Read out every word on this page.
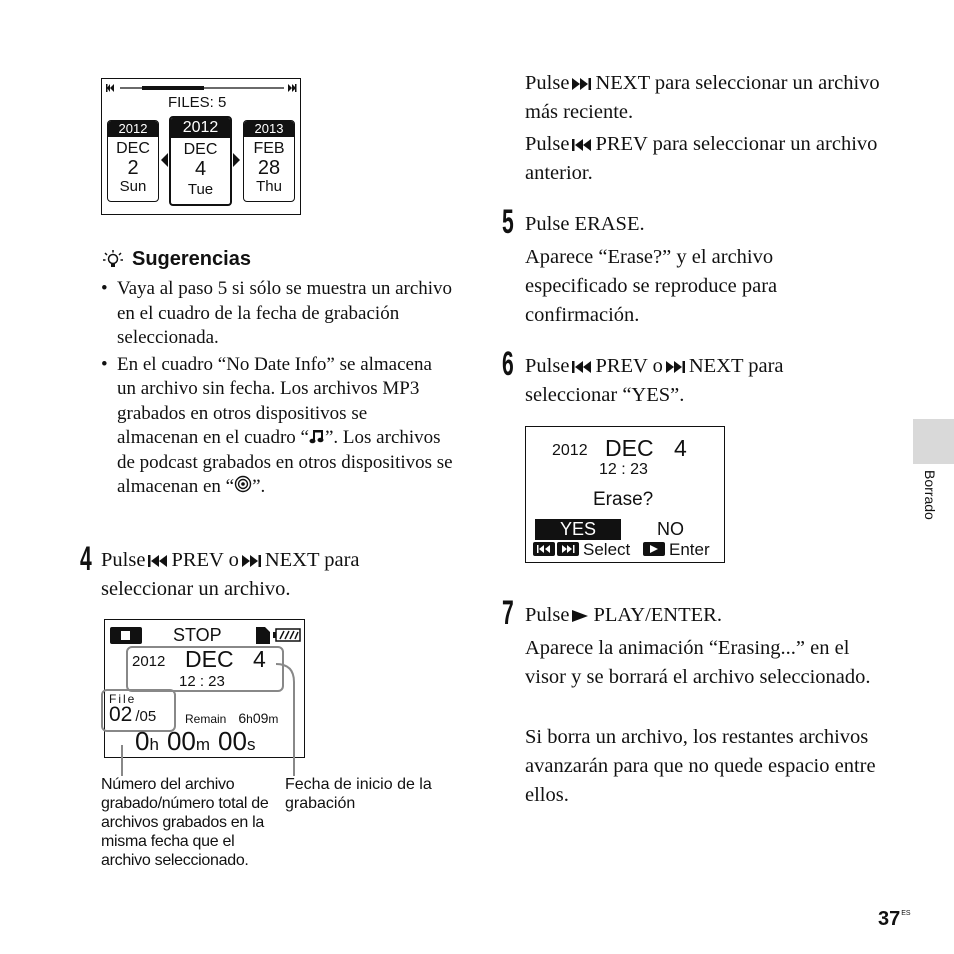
FILES: 5
2012
DEC
2
Sun
2012
DEC
4
Tue
2013
FEB
28
Thu
Sugerencias
• Vaya al paso 5 si sólo se muestra un archivo en el cuadro de la fecha de grabación seleccionada.
• En el cuadro “No Date Info” se almacena un archivo sin fecha. Los archivos MP3 grabados en otros dispositivos se almacenan en el cuadro “ ”. Los archivos de podcast grabados en otros dispositivos se almacenan en “ ”.
4 Pulse PREV o NEXT para seleccionar un archivo.
STOP
2012 DEC 4
12 : 23
File
02 /05 Remain 6h09m
0h 00m 00s
Número del archivo grabado/número total de archivos grabados en la misma fecha que el archivo seleccionado.
Fecha de inicio de la grabación
Pulse NEXT para seleccionar un archivo más reciente.
Pulse PREV para seleccionar un archivo anterior.
5 Pulse ERASE.
Aparece “Erase?” y el archivo especificado se reproduce para confirmación.
6 Pulse PREV o NEXT para seleccionar “YES”.
2012 DEC 4
12 : 23
Erase?
YES	NO
Select Enter
7 Pulse PLAY/ENTER.
Aparece la animación “Erasing...” en el visor y se borrará el archivo seleccionado.
Si borra un archivo, los restantes archivos avanzarán para que no quede espacio entre ellos.
Borrado
$37^{ES}$
